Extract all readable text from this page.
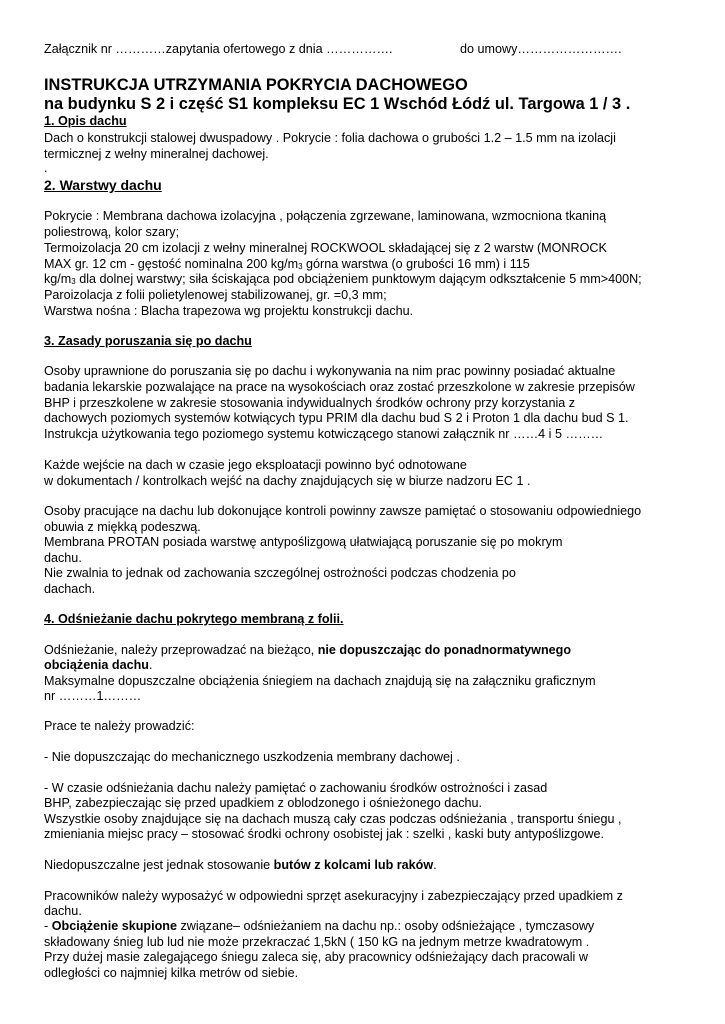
Załącznik nr …………zapytania ofertowego z dnia …………….	do umowy…………………….
INSTRUKCJA UTRZYMANIA POKRYCIA DACHOWEGO
na budynku S 2 i część S1 kompleksu EC 1 Wschód Łódź ul. Targowa 1 / 3 .
1. Opis dachu
Dach o konstrukcji stalowej dwuspadowy . Pokrycie : folia dachowa o grubości 1.2 – 1.5 mm na izolacji
termicznej z wełny mineralnej dachowej.
.
2. Warstwy dachu
Pokrycie : Membrana dachowa izolacyjna , połączenia zgrzewane, laminowana, wzmocniona tkaniną
poliestrową, kolor szary;
Termoizolacja 20 cm izolacji z wełny mineralnej ROCKWOOL składającej się z 2 warstw (MONROCK
MAX gr. 12 cm - gęstość nominalna 200 kg/m3 górna warstwa (o grubości 16 mm) i 115
kg/m3 dla dolnej warstwy; siła ściskająca pod obciążeniem punktowym dającym odkształcenie 5 mm>400N;
Paroizolacja z folii polietylenowej stabilizowanej, gr. =0,3 mm;
Warstwa nośna : Blacha trapezowa wg projektu konstrukcji dachu.
3. Zasady poruszania się po dachu
Osoby uprawnione do poruszania się po dachu i wykonywania na nim prac powinny posiadać aktualne
badania lekarskie pozwalające na prace na wysokościach oraz zostać przeszkolone w zakresie przepisów
BHP i przeszkolene w zakresie stosowania indywidualnych środków ochrony przy korzystania z
dachowych poziomych systemów kotwiących typu PRIM dla dachu bud S 2 i Proton 1 dla dachu bud S 1.
Instrukcja użytkowania tego poziomego systemu kotwiczącego stanowi załącznik nr ……4 i 5 ………
Każde wejście na dach w czasie jego eksploatacji powinno być odnotowane
w dokumentach / kontrolkach wejść na dachy znajdujących się w biurze nadzoru EC 1 .
Osoby pracujące na dachu lub dokonujące kontroli powinny zawsze pamiętać o stosowaniu odpowiedniego
obuwia z miękką podeszwą.
Membrana PROTAN posiada warstwę antypoślizgową ułatwiającą poruszanie się po mokrym
dachu.
Nie zwalnia to jednak od zachowania szczególnej ostrożności podczas chodzenia po
dachach.
4. Odśnieżanie dachu pokrytego membraną z folii.
Odśnieżanie, należy przeprowadzać na bieżąco, nie dopuszczając do ponadnormatywnego
obciążenia dachu.
Maksymalne dopuszczalne obciążenia śniegiem na dachach znajdują się na załączniku graficznym
nr ………1………
Prace te należy prowadzić:
- Nie dopuszczając do mechanicznego uszkodzenia membrany dachowej .
- W czasie odśnieżania dachu należy pamiętać o zachowaniu środków ostrożności i zasad
BHP, zabezpieczając się przed upadkiem z oblodzonego i ośnieżonego dachu.
Wszystkie osoby znajdujące się na dachach muszą cały czas podczas odśnieżania , transportu śniegu ,
zmieniania miejsc pracy – stosować środki ochrony osobistej jak : szelki , kaski buty antypoślizgowe.
Niedopuszczalne jest jednak stosowanie butów z kolcami lub raków.
Pracowników należy wyposażyć w odpowiedni sprzęt asekuracyjny i zabezpieczający przed upadkiem z
dachu.
- Obciążenie skupione związane– odśnieżaniem na dachu np.: osoby odśnieżające , tymczasowy
składowany śnieg lub lud nie może przekraczać 1,5kN ( 150 kG na jednym metrze kwadratowym .
Przy dużej masie zalegającego śniegu zaleca się, aby pracownicy odśnieżający dach pracowali w
odległości co najmniej kilka metrów od siebie.
